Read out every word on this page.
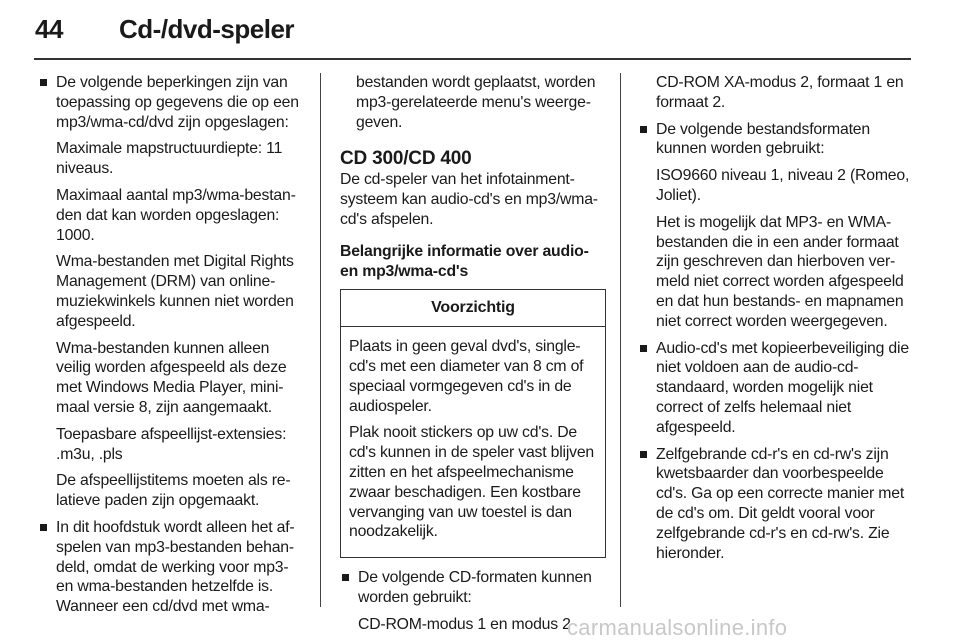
44 Cd-/dvd-speler
De volgende beperkingen zijn van toepassing op gegevens die op een mp3/wma-cd/dvd zijn opgeslagen:
Maximale mapstructuurdiepte: 11 niveaus.
Maximaal aantal mp3/wma-bestanden dat kan worden opgeslagen: 1000.
Wma-bestanden met Digital Rights Management (DRM) van online-muziekwinkels kunnen niet worden afgespeeld.
Wma-bestanden kunnen alleen veilig worden afgespeeld als deze met Windows Media Player, minimaal versie 8, zijn aangemaakt.
Toepasbare afspeellijst-extensies: .m3u, .pls
De afspeellijstitems moeten als relatieve paden zijn opgemaakt.
In dit hoofdstuk wordt alleen het afspelen van mp3-bestanden behandeld, omdat de werking voor mp3- en wma-bestanden hetzelfde is. Wanneer een cd/dvd met wma-
bestanden wordt geplaatst, worden mp3-gerelateerde menu's weergegeven.
CD 300/CD 400

De cd-speler van het infotainmentsysteem kan audio-cd's en mp3/wma-cd's afspelen.

Belangrijke informatie over audio- en mp3/wma-cd's
Voorzichtig

Plaats in geen geval dvd's, single-cd's met een diameter van 8 cm of speciaal vormgegeven cd's in de audiospeler.

Plak nooit stickers op uw cd's. De cd's kunnen in de speler vast blijven zitten en het afspeelmechanisme zwaar beschadigen. Een kostbare vervanging van uw toestel is dan noodzakelijk.

De volgende CD-formaten kunnen worden gebruikt:
CD-ROM-modus 1 en modus 2
CD-ROM XA-modus 2, formaat 1 en formaat 2.
De volgende bestandsformaten kunnen worden gebruikt:
ISO9660 niveau 1, niveau 2 (Romeo, Joliet).
Het is mogelijk dat MP3- en WMA-bestanden die in een ander formaat zijn geschreven dan hierboven vermeld niet correct worden afgespeeld en dat hun bestands- en mapnamen niet correct worden weergegeven.
Audio-cd's met kopieerbeveiliging die niet voldoen aan de audio-cd-standaard, worden mogelijk niet correct of zelfs helemaal niet afgespeeld.
Zelfgebrande cd-r's en cd-rw's zijn kwetsbaarder dan voorbespeelde cd's. Ga op een correcte manier met de cd's om. Dit geldt vooral voor zelfgebrande cd-r's en cd-rw's. Zie hieronder.
carmanualsonline.info
